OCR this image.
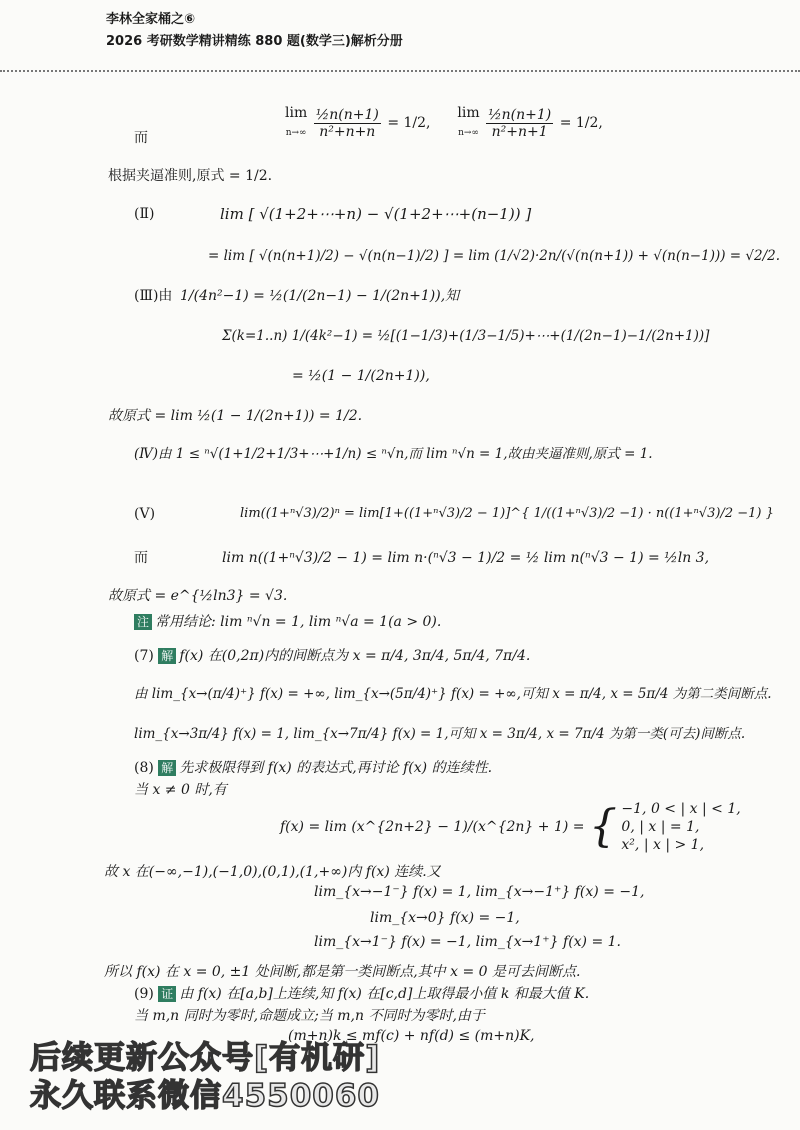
李林全家桶之⑥
2026 考研数学精讲精练 880 题(数学三)解析分册
而
lim
$n\to\infty \frac{\text{½n(n+1)}}{\text{n²+n+n}} = 1/2$,  lim
$n\to\infty \frac{\text{½n(n+1)}}{\text{n²+n+1}} = 1/2$,
根据夹逼准则,原式 = 1/2.
(Ⅱ)	lim [ √(1+2+⋯+n) − √(1+2+⋯+(n−1)) ]
= lim [ √(n(n+1)/2) − √(n(n−1)/2) ] = lim (1/√2)·2n/(√(n(n+1)) + √(n(n−1))) = √2/2.
(Ⅲ)由 1/(4n²−1) = ½(1/(2n−1) − 1/(2n+1)),知
Σ(k=1..n) 1/(4k²−1) = ½[(1−1/3)+(1/3−1/5)+⋯+(1/(2n−1)−1/(2n+1))]
= ½(1 − 1/(2n+1)),
故原式 = lim ½(1 − 1/(2n+1)) = 1/2.
(Ⅳ)由 1 ≤ ⁿ√(1+1/2+1/3+⋯+1/n) ≤ ⁿ√n,而 lim ⁿ√n = 1,故由夹逼准则,原式 = 1.
(Ⅴ)	lim((1+ⁿ√3)/2)ⁿ = lim[1+((1+ⁿ√3)/2 − 1)]^{ 1/((1+ⁿ√3)/2 −1) · n((1+ⁿ√3)/2 −1) }
而	lim n((1+ⁿ√3)/2 − 1) = lim n·(ⁿ√3 − 1)/2 = ½ lim n(ⁿ√3 − 1) = ½ln 3,
故原式 = e^{½ln3} = √3.
注 常用结论: lim ⁿ√n = 1, lim ⁿ√a = 1(a > 0).
(7) 解 f(x) 在(0,2π)内的间断点为 x = π/4, 3π/4, 5π/4, 7π/4.
由 lim_{x→(π/4)⁺} f(x) = +∞, lim_{x→(5π/4)⁺} f(x) = +∞,可知 x = π/4, x = 5π/4 为第二类间断点.
lim_{x→3π/4} f(x) = 1, lim_{x→7π/4} f(x) = 1,可知 x = 3π/4, x = 7π/4 为第一类(可去)间断点.
(8) 解 先求极限得到 f(x) 的表达式,再讨论 f(x) 的连续性.
当 x ≠ 0 时,有
f(x) = lim (x^{2n+2} − 1)/(x^{2n} + 1) = { −1, 0 < | x | < 1,
0, | x | = 1,
x², | x | > 1,
故 x 在(−∞,−1),(−1,0),(0,1),(1,+∞)内 f(x) 连续.又
lim_{x→−1⁻} f(x) = 1, lim_{x→−1⁺} f(x) = −1,
lim_{x→0} f(x) = −1,
lim_{x→1⁻} f(x) = −1, lim_{x→1⁺} f(x) = 1.
所以 f(x) 在 x = 0, ±1 处间断,都是第一类间断点,其中 x = 0 是可去间断点.
(9) 证 由 f(x) 在[a,b]上连续,知 f(x) 在[c,d]上取得最小值 k 和最大值 K.
当 m,n 同时为零时,命题成立;当 m,n 不同时为零时,由于
(m+n)k ≤ mf(c) + nf(d) ≤ (m+n)K,
后续更新公众号[有机研]
永久联系微信4550060
